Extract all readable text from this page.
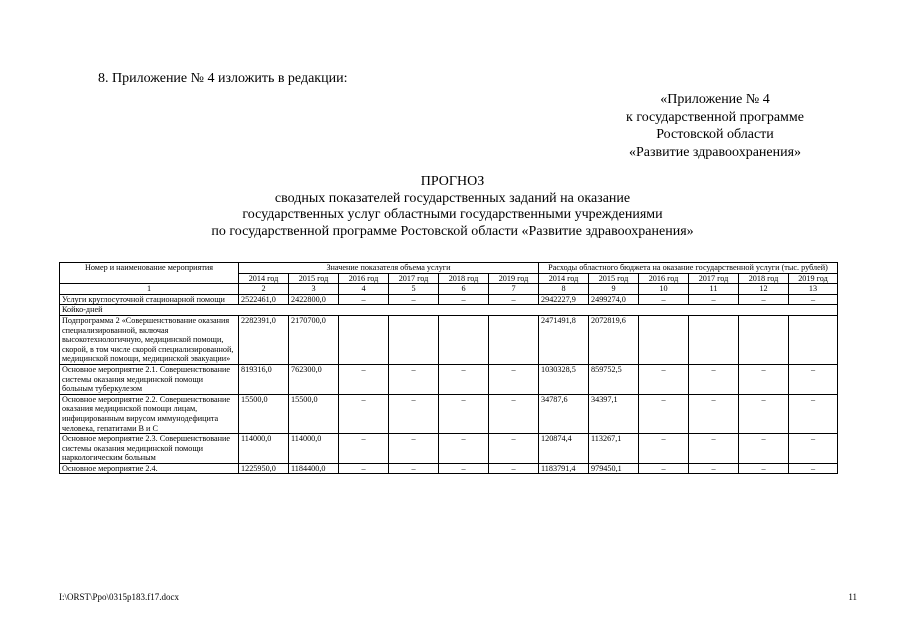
8. Приложение № 4 изложить в редакции:
«Приложение № 4
к государственной программе
Ростовской области
«Развитие здравоохранения»
ПРОГНОЗ
сводных показателей государственных заданий на оказание
государственных услуг областными государственными учреждениями
по государственной программе Ростовской области «Развитие здравоохранения»
Номер и наименование мероприятия	Значение показателя объема услуги						Расходы областного бюджета на оказание государственной услуги (тыс. рублей)					
	2014 год	2015 год	2016 год	2017 год	2018 год	2019 год	2014 год	2015 год	2016 год	2017 год	2018 год	2019 год
1	2	3	4	5	6	7	8	9	10	11	12	13
Услуги круглосуточной стационарной помощи	2522461,0	2422800,0	–	–	–	–	2942227,9	2499274,0	–	–	–	–
Койко-дней												
Подпрограмма 2 «Совершенствование оказания специализированной, включая высокотехнологичную, медицинской помощи, скорой, в том числе скорой специализированной, медицинской помощи, медицинской эвакуации»	2282391,0	2170700,0					2471491,8	2072819,6				
Основное мероприятие 2.1. Совершенствование системы оказания медицинской помощи больным туберкулезом	819316,0	762300,0	–	–	–	–	1030328,5	859752,5	–	–	–	–
Основное мероприятие 2.2. Совершенствование оказания медицинской помощи лицам, инфицированным вирусом иммунодефицита человека, гепатитами В и С	15500,0	15500,0	–	–	–	–	34787,6	34397,1	–	–	–	–
Основное мероприятие 2.3. Совершенствование системы оказания медицинской помощи наркологическим больным	114000,0	114000,0	–	–	–	–	120874,4	113267,1	–	–	–	–
Основное мероприятие 2.4.	1225950,0	1184400,0	–	–	–	–	1183791,4	979450,1	–	–	–	–
I:\ORST\Ppo\0315p183.f17.docx	11
